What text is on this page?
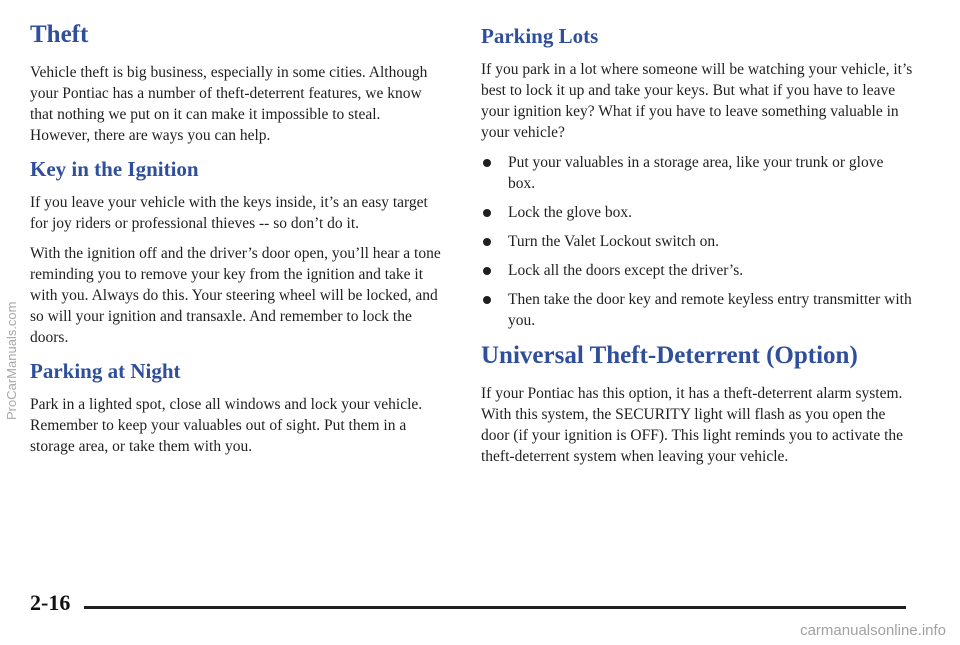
Theft

Vehicle theft is big business, especially in some cities. Although your Pontiac has a number of theft-deterrent features, we know that nothing we put on it can make it impossible to steal. However, there are ways you can help.

Key in the Ignition

If you leave your vehicle with the keys inside, it’s an easy target for joy riders or professional thieves -- so don’t do it.

With the ignition off and the driver’s door open, you’ll hear a tone reminding you to remove your key from the ignition and take it with you. Always do this. Your steering wheel will be locked, and so will your ignition and transaxle. And remember to lock the doors.

Parking at Night

Park in a lighted spot, close all windows and lock your vehicle. Remember to keep your valuables out of sight. Put them in a storage area, or take them with you.

Parking Lots

If you park in a lot where someone will be watching your vehicle, it’s best to lock it up and take your keys. But what if you have to leave your ignition key? What if you have to leave something valuable in your vehicle?

Put your valuables in a storage area, like your trunk or glove box.
Lock the glove box.
Turn the Valet Lockout switch on.
Lock all the doors except the driver’s.
Then take the door key and remote keyless entry transmitter with you.
Universal Theft-Deterrent (Option)

If your Pontiac has this option, it has a theft-deterrent alarm system. With this system, the SECURITY light will flash as you open the door (if your ignition is OFF). This light reminds you to activate the theft-deterrent system when leaving your vehicle.

2-16
ProCarManuals.com
carmanualsonline.info
